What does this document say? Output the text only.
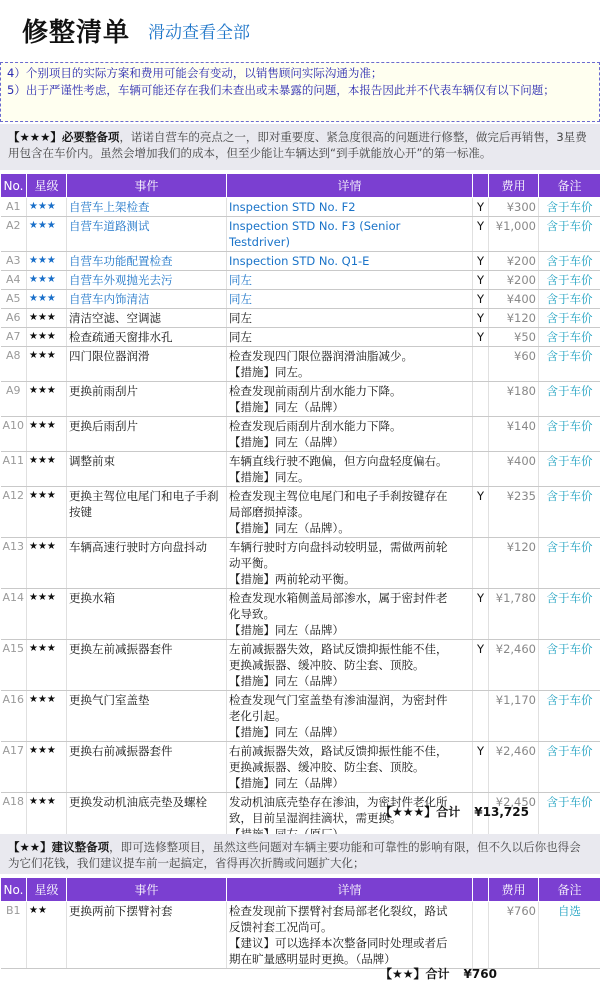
修整清单 滑动查看全部
4）个别项目的实际方案和费用可能会有变动，以销售顾问实际沟通为准；
5）出于严谨性考虑，车辆可能还存在我们未查出或未暴露的问题，本报告因此并不代表车辆仅有以下问题；
【★★★】必要整备项，诺诺自营车的亮点之一，即对重要度、紧急度很高的问题进行修整，做完后再销售，3星费用包含在车价内。虽然会增加我们的成本，但至少能让车辆达到“到手就能放心开”的第一标准。
No.	星级	事件	详情		费用	备注
A1	★★★	自营车上架检查	Inspection STD No. F2	Y	¥300	含于车价
A2	★★★	自营车道路测试	Inspection STD No. F3 (Senior
Testdriver)	Y	¥1,000	含于车价
A3	★★★	自营车功能配置检查	Inspection STD No. Q1-E	Y	¥200	含于车价
A4	★★★	自营车外观抛光去污	同左	Y	¥200	含于车价
A5	★★★	自营车内饰清洁	同左	Y	¥400	含于车价
A6	★★★	清洁空滤、空调滤	同左	Y	¥120	含于车价
A7	★★★	检查疏通天窗排水孔	同左	Y	¥50	含于车价
A8	★★★	四门限位器润滑	检查发现四门限位器润滑油脂减少。
【措施】同左。		¥60	含于车价
A9	★★★	更换前雨刮片	检查发现前雨刮片刮水能力下降。
【措施】同左（品牌）		¥180	含于车价
A10	★★★	更换后雨刮片	检查发现后雨刮片刮水能力下降。
【措施】同左（品牌）		¥140	含于车价
A11	★★★	调整前束	车辆直线行驶不跑偏，但方向盘轻度偏右。
【措施】同左。		¥400	含于车价
A12	★★★	更换主驾位电尾门和电子手刹按键	检查发现主驾位电尾门和电子手刹按键存在
局部磨损掉漆。
【措施】同左（品牌）。	Y	¥235	含于车价
A13	★★★	车辆高速行驶时方向盘抖动	车辆行驶时方向盘抖动较明显，需做两前轮
动平衡。
【措施】两前轮动平衡。		¥120	含于车价
A14	★★★	更换水箱	检查发现水箱侧盖局部渗水，属于密封件老
化导致。
【措施】同左（品牌）	Y	¥1,780	含于车价
A15	★★★	更换左前减振器套件	左前减振器失效，路试反馈抑振性能不佳，
更换减振器、缓冲胶、防尘套、顶胶。
【措施】同左（品牌）	Y	¥2,460	含于车价
A16	★★★	更换气门室盖垫	检查发现气门室盖垫有渗油湿润，为密封件
老化引起。
【措施】同左（品牌）		¥1,170	含于车价
A17	★★★	更换右前减振器套件	右前减振器失效，路试反馈抑振性能不佳，
更换减振器、缓冲胶、防尘套、顶胶。
【措施】同左（品牌）	Y	¥2,460	含于车价
A18	★★★	更换发动机油底壳垫及螺栓	发动机油底壳垫存在渗油，为密封件老化所
致，目前呈湿润挂滴状，需更换。		¥2,450	含于车价
【★★★】合计 ¥13,725
【★★】建议整备项，即可选修整项目，虽然这些问题对车辆主要功能和可靠性的影响有限，但不久以后你也得会为它们花钱，我们建议提车前一起搞定，省得再次折腾或问题扩大化；
No.	星级	事件	详情		费用	备注
B1	★★	更换两前下摆臂衬套	检查发现前下摆臂衬套局部老化裂纹，路试
反馈衬套工况尚可。
【建议】可以选择本次整备同时处理或者后
期在旷量感明显时更换。（品牌）		¥760	自选
【★★】合计 ¥760
